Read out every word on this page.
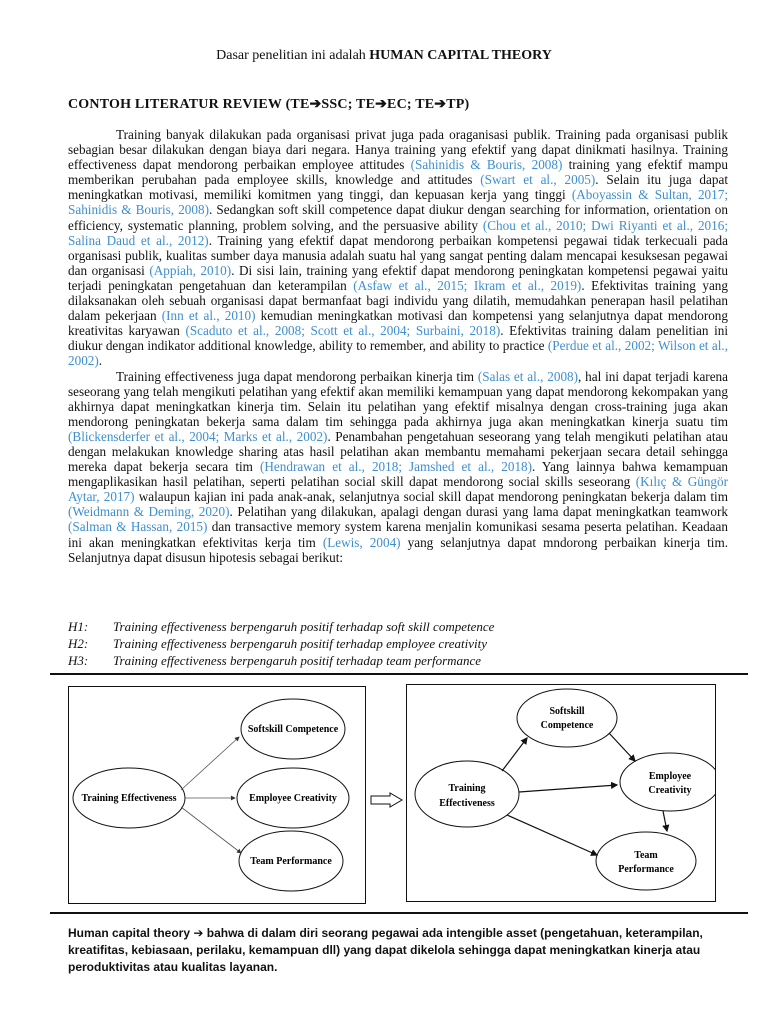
Dasar penelitian ini adalah HUMAN CAPITAL THEORY
CONTOH LITERATUR REVIEW (TE➔SSC; TE➔EC; TE➔TP)

Training banyak dilakukan pada organisasi privat juga pada oraganisasi publik. Training pada organisasi publik sebagian besar dilakukan dengan biaya dari negara. Hanya training yang efektif yang dapat dinikmati hasilnya. Training effectiveness dapat mendorong perbaikan employee attitudes (Sahinidis & Bouris, 2008) training yang efektif mampu memberikan perubahan pada employee skills, knowledge and attitudes (Swart et al., 2005). Selain itu juga dapat meningkatkan motivasi, memiliki komitmen yang tinggi, dan kepuasan kerja yang tinggi (Aboyassin & Sultan, 2017; Sahinidis & Bouris, 2008). Sedangkan soft skill competence dapat diukur dengan searching for information, orientation on efficiency, systematic planning, problem solving, and the persuasive ability (Chou et al., 2010; Dwi Riyanti et al., 2016; Salina Daud et al., 2012). Training yang efektif dapat mendorong perbaikan kompetensi pegawai tidak terkecuali pada organisasi publik, kualitas sumber daya manusia adalah suatu hal yang sangat penting dalam mencapai kesuksesan pegawai dan organisasi (Appiah, 2010). Di sisi lain, training yang efektif dapat mendorong peningkatan kompetensi pegawai yaitu terjadi peningkatan pengetahuan dan keterampilan (Asfaw et al., 2015; Ikram et al., 2019). Efektivitas training yang dilaksanakan oleh sebuah organisasi dapat bermanfaat bagi individu yang dilatih, memudahkan penerapan hasil pelatihan dalam pekerjaan (Inn et al., 2010) kemudian meningkatkan motivasi dan kompetensi yang selanjutnya dapat mendorong kreativitas karyawan (Scaduto et al., 2008; Scott et al., 2004; Surbaini, 2018). Efektivitas training dalam penelitian ini diukur dengan indikator additional knowledge, ability to remember, and ability to practice (Perdue et al., 2002; Wilson et al., 2002).

Training effectiveness juga dapat mendorong perbaikan kinerja tim (Salas et al., 2008), hal ini dapat terjadi karena seseorang yang telah mengikuti pelatihan yang efektif akan memiliki kemampuan yang dapat mendorong kekompakan yang akhirnya dapat meningkatkan kinerja tim. Selain itu pelatihan yang efektif misalnya dengan cross-training juga akan mendorong peningkatan bekerja sama dalam tim sehingga pada akhirnya juga akan meningkatkan kinerja suatu tim (Blickensderfer et al., 2004; Marks et al., 2002). Penambahan pengetahuan seseorang yang telah mengikuti pelatihan atau dengan melakukan knowledge sharing atas hasil pelatihan akan membantu memahami pekerjaan secara detail sehingga mereka dapat bekerja secara tim (Hendrawan et al., 2018; Jamshed et al., 2018). Yang lainnya bahwa kemampuan mengaplikasikan hasil pelatihan, seperti pelatihan social skill dapat mendorong social skills seseorang (Kılıç & Güngör Aytar, 2017) walaupun kajian ini pada anak-anak, selanjutnya social skill dapat mendorong peningkatan bekerja dalam tim (Weidmann & Deming, 2020). Pelatihan yang dilakukan, apalagi dengan durasi yang lama dapat meningkatkan teamwork (Salman & Hassan, 2015) dan transactive memory system karena menjalin komunikasi sesama peserta pelatihan. Keadaan ini akan meningkatkan efektivitas kerja tim (Lewis, 2004) yang selanjutnya dapat mndorong perbaikan kinerja tim. Selanjutnya dapat disusun hipotesis sebagai berikut:

H1: Training effectiveness berpengaruh positif terhadap soft skill competence
H2: Training effectiveness berpengaruh positif terhadap employee creativity
H3: Training effectiveness berpengaruh positif terhadap team performance
Training Effectiveness
Softskill Competence
Employee Creativity
Team Performance
Training
Effectiveness
Softskill
Competence
Employee
Creativity
Team
Performance
Human capital theory ➔ bahwa di dalam diri seorang pegawai ada intengible asset (pengetahuan, keterampilan, kreatifitas, kebiasaan, perilaku, kemampuan dll) yang dapat dikelola sehingga dapat meningkatkan kinerja atau peroduktivitas atau kualitas layanan.
